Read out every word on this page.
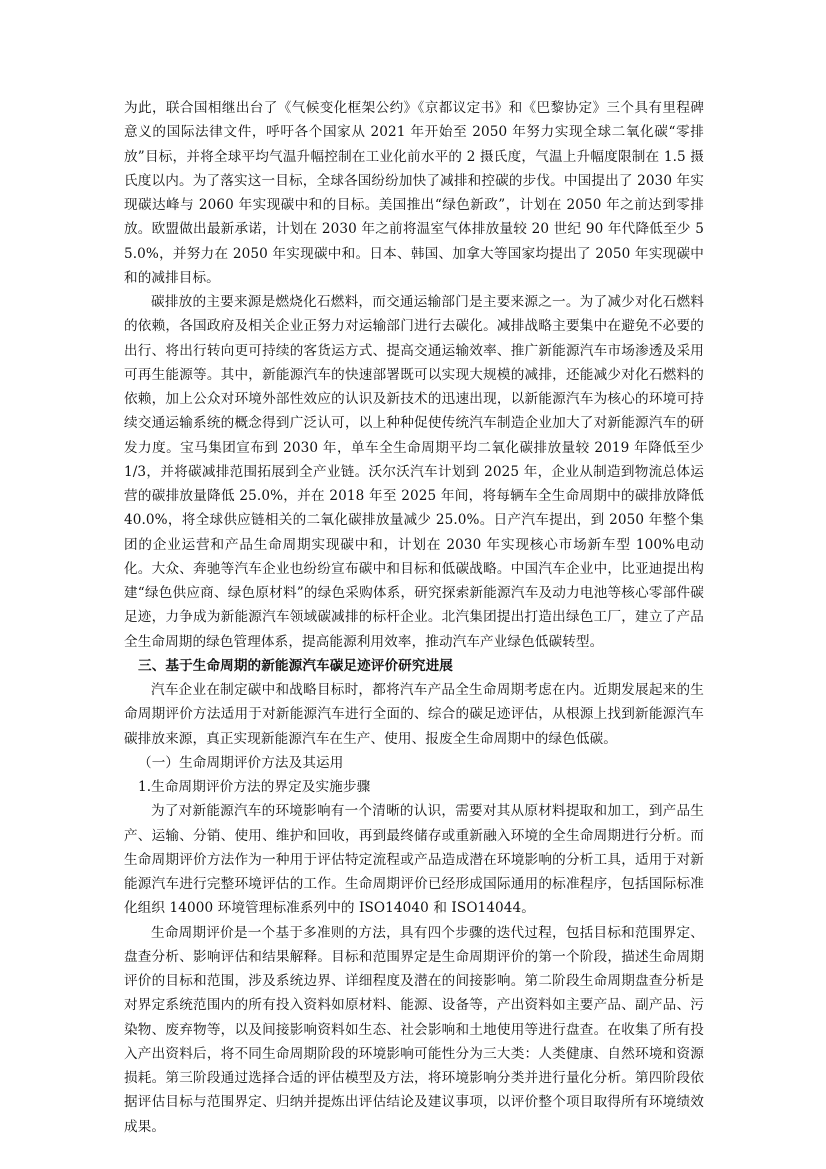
为此，联合国相继出台了《气候变化框架公约》《京都议定书》和《巴黎协定》三个具有里程碑意义的国际法律文件，呼吁各个国家从 2021 年开始至 2050 年努力实现全球二氧化碳“零排放”目标，并将全球平均气温升幅控制在工业化前水平的 2 摄氏度，气温上升幅度限制在 1.5 摄氏度以内。为了落实这一目标，全球各国纷纷加快了减排和控碳的步伐。中国提出了 2030 年实现碳达峰与 2060 年实现碳中和的目标。美国推出“绿色新政”，计划在 2050 年之前达到零排放。欧盟做出最新承诺，计划在 2030 年之前将温室气体排放量较 20 世纪 90 年代降低至少 55.0%，并努力在 2050 年实现碳中和。日本、韩国、加拿大等国家均提出了 2050 年实现碳中和的减排目标。

碳排放的主要来源是燃烧化石燃料，而交通运输部门是主要来源之一。为了减少对化石燃料的依赖，各国政府及相关企业正努力对运输部门进行去碳化。减排战略主要集中在避免不必要的出行、将出行转向更可持续的客货运方式、提高交通运输效率、推广新能源汽车市场渗透及采用可再生能源等。其中，新能源汽车的快速部署既可以实现大规模的减排，还能减少对化石燃料的依赖，加上公众对环境外部性效应的认识及新技术的迅速出现，以新能源汽车为核心的环境可持续交通运输系统的概念得到广泛认可，以上种种促使传统汽车制造企业加大了对新能源汽车的研发力度。宝马集团宣布到 2030 年，单车全生命周期平均二氧化碳排放量较 2019 年降低至少 1/3，并将碳减排范围拓展到全产业链。沃尔沃汽车计划到 2025 年，企业从制造到物流总体运营的碳排放量降低 25.0%，并在 2018 年至 2025 年间，将每辆车全生命周期中的碳排放降低 40.0%，将全球供应链相关的二氧化碳排放量减少 25.0%。日产汽车提出，到 2050 年整个集团的企业运营和产品生命周期实现碳中和，计划在 2030 年实现核心市场新车型 100%电动化。大众、奔驰等汽车企业也纷纷宣布碳中和目标和低碳战略。中国汽车企业中，比亚迪提出构建“绿色供应商、绿色原材料”的绿色采购体系，研究探索新能源汽车及动力电池等核心零部件碳足迹，力争成为新能源汽车领域碳减排的标杆企业。北汽集团提出打造出绿色工厂，建立了产品全生命周期的绿色管理体系，提高能源利用效率，推动汽车产业绿色低碳转型。

三、基于生命周期的新能源汽车碳足迹评价研究进展

汽车企业在制定碳中和战略目标时，都将汽车产品全生命周期考虑在内。近期发展起来的生命周期评价方法适用于对新能源汽车进行全面的、综合的碳足迹评估，从根源上找到新能源汽车碳排放来源，真正实现新能源汽车在生产、使用、报废全生命周期中的绿色低碳。

（一）生命周期评价方法及其运用

1.生命周期评价方法的界定及实施步骤

为了对新能源汽车的环境影响有一个清晰的认识，需要对其从原材料提取和加工，到产品生产、运输、分销、使用、维护和回收，再到最终储存或重新融入环境的全生命周期进行分析。而生命周期评价方法作为一种用于评估特定流程或产品造成潜在环境影响的分析工具，适用于对新能源汽车进行完整环境评估的工作。生命周期评价已经形成国际通用的标准程序，包括国际标准化组织 14000 环境管理标准系列中的 ISO14040 和 ISO14044。

生命周期评价是一个基于多准则的方法，具有四个步骤的迭代过程，包括目标和范围界定、盘查分析、影响评估和结果解释。目标和范围界定是生命周期评价的第一个阶段，描述生命周期评价的目标和范围，涉及系统边界、详细程度及潜在的间接影响。第二阶段生命周期盘查分析是对界定系统范围内的所有投入资料如原材料、能源、设备等，产出资料如主要产品、副产品、污染物、废弃物等，以及间接影响资料如生态、社会影响和土地使用等进行盘查。在收集了所有投入产出资料后，将不同生命周期阶段的环境影响可能性分为三大类：人类健康、自然环境和资源损耗。第三阶段通过选择合适的评估模型及方法，将环境影响分类并进行量化分析。第四阶段依据评估目标与范围界定、归纳并提炼出评估结论及建议事项，以评价整个项目取得所有环境绩效成果。
